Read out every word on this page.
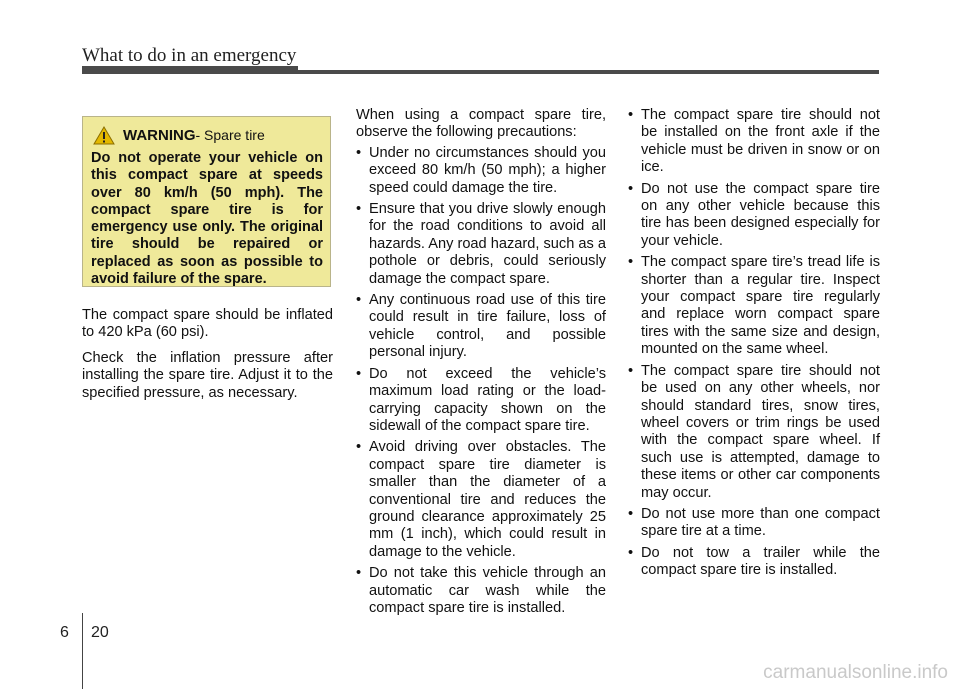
What to do in an emergency
WARNING - Spare tire
Do not operate your vehicle on this compact spare at speeds over 80 km/h (50 mph). The compact spare tire is for emergency use only. The original tire should be repaired or replaced as soon as possible to avoid failure of the spare.

The compact spare should be inflated to 420 kPa (60 psi).

Check the inflation pressure after installing the spare tire. Adjust it to the specified pressure, as necessary.

When using a compact spare tire, observe the following precautions:

• Under no circumstances should you exceed 80 km/h (50 mph); a higher speed could damage the tire.
• Ensure that you drive slowly enough for the road conditions to avoid all hazards. Any road hazard, such as a pothole or debris, could seriously damage the compact spare.
• Any continuous road use of this tire could result in tire failure, loss of vehicle control, and possible personal injury.
• Do not exceed the vehicle’s maximum load rating or the load-carrying capacity shown on the sidewall of the compact spare tire.
• Avoid driving over obstacles. The compact spare tire diameter is smaller than the diameter of a conventional tire and reduces the ground clearance approximately 25 mm (1 inch), which could result in damage to the vehicle.
• Do not take this vehicle through an automatic car wash while the compact spare tire is installed.
• The compact spare tire should not be installed on the front axle if the vehicle must be driven in snow or on ice.
• Do not use the compact spare tire on any other vehicle because this tire has been designed especially for your vehicle.
• The compact spare tire’s tread life is shorter than a regular tire. Inspect your compact spare tire regularly and replace worn compact spare tires with the same size and design, mounted on the same wheel.
• The compact spare tire should not be used on any other wheels, nor should standard tires, snow tires, wheel covers or trim rings be used with the compact spare wheel. If such use is attempted, damage to these items or other car components may occur.
• Do not use more than one compact spare tire at a time.
• Do not tow a trailer while the compact spare tire is installed.
6 20
carmanualsonline.info
